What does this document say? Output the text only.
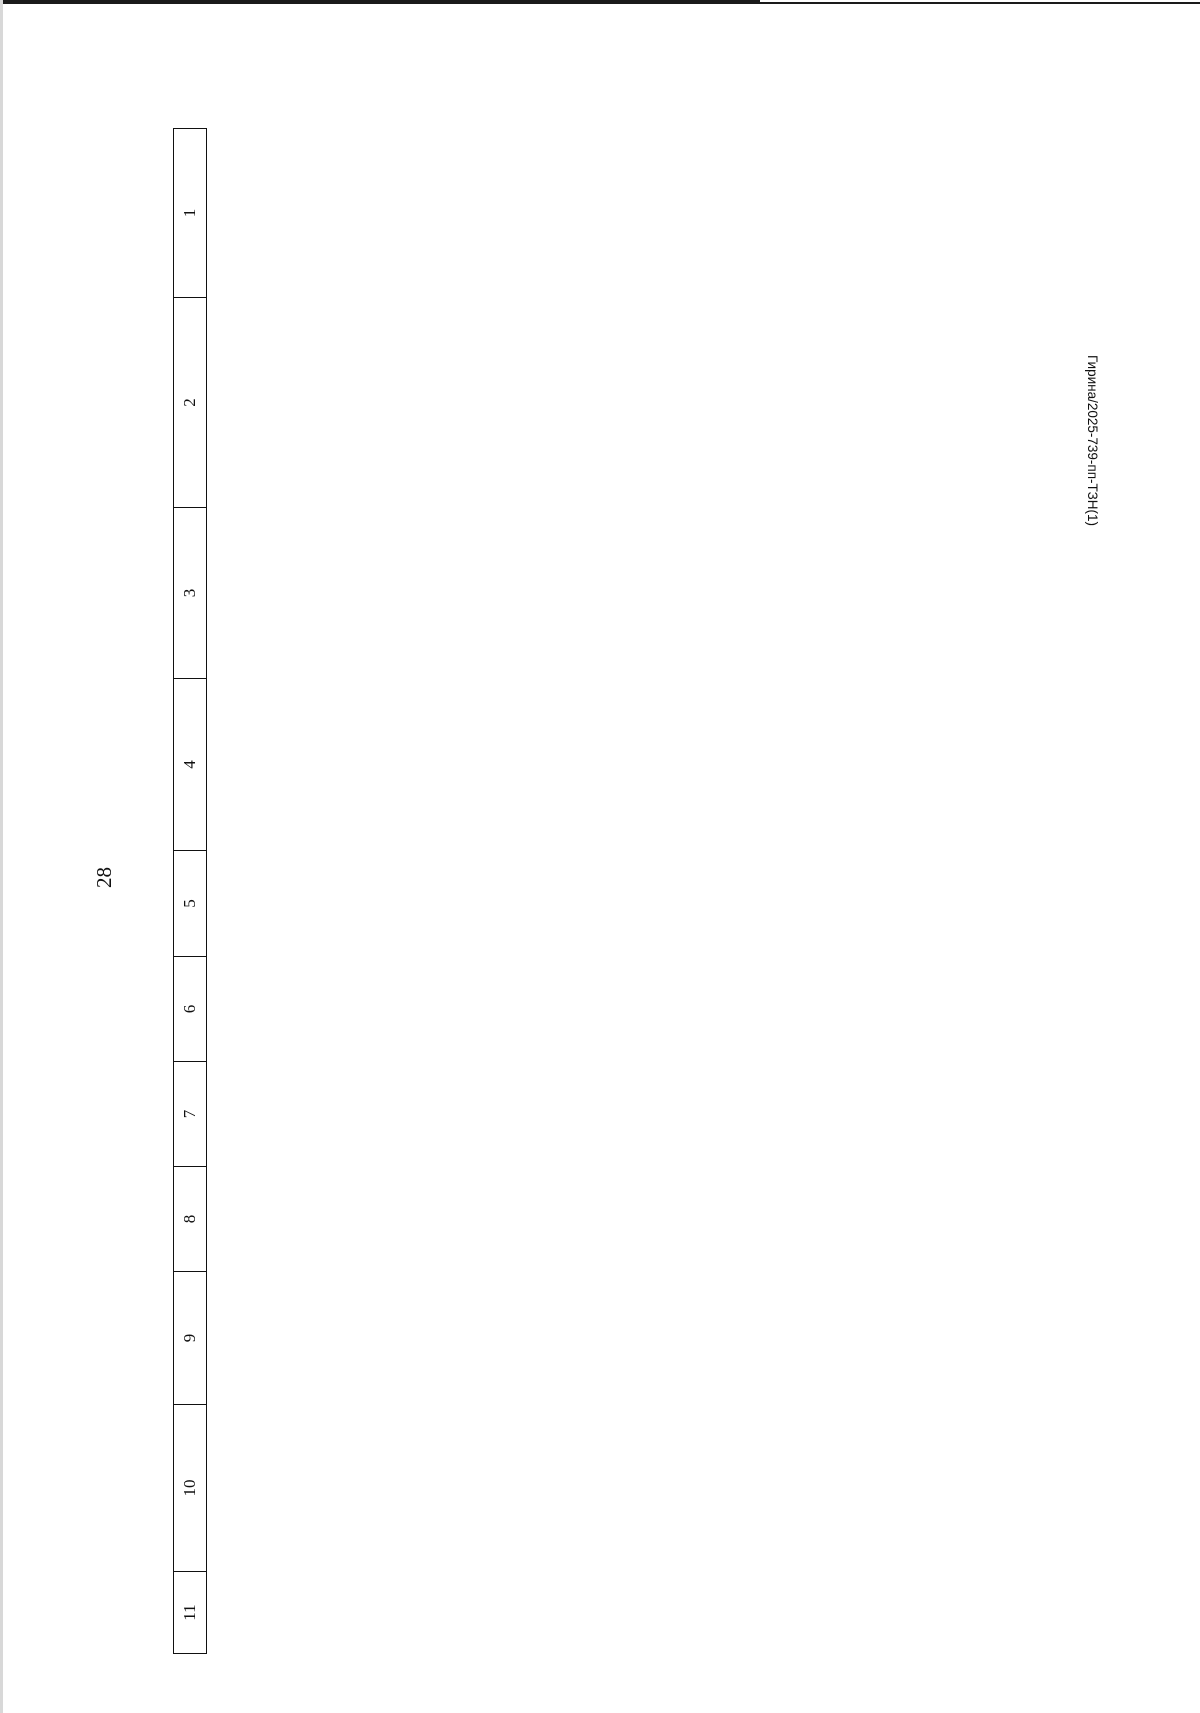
28
Гирина/2025-739-пп-ТЗН(1)
11	10	9	8	7	6	5	4	3	2	1
